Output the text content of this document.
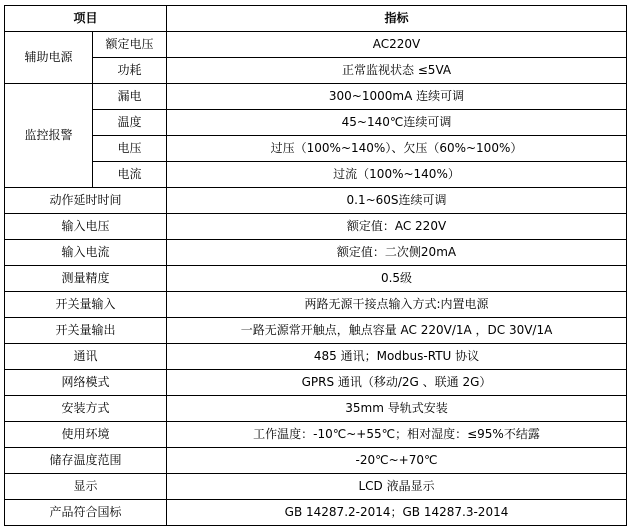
项目		指标
辅助电源	额定电压	AC220V
	功耗	正常监视状态 ≤5VA
监控报警	漏电	300~1000mA 连续可调
	温度	45~140℃连续可调
	电压	过压（100%~140%）、欠压（60%~100%）
	电流	过流（100%~140%）
动作延时时间		0.1~60S连续可调
输入电压		额定值：AC 220V
输入电流		额定值：二次侧20mA
测量精度		0.5级
开关量输入		两路无源干接点输入方式:内置电源
开关量输出		一路无源常开触点，触点容量 AC 220V/1A ，DC 30V/1A
通讯		485 通讯；Modbus-RTU 协议
网络模式		GPRS 通讯（移动/2G 、联通 2G）
安装方式		35mm 导轨式安装
使用环境		工作温度：-10℃~+55℃；相对湿度：≤95%不结露
储存温度范围		-20℃~+70℃
显示		LCD 液晶显示
产品符合国标		GB 14287.2-2014；GB 14287.3-2014
